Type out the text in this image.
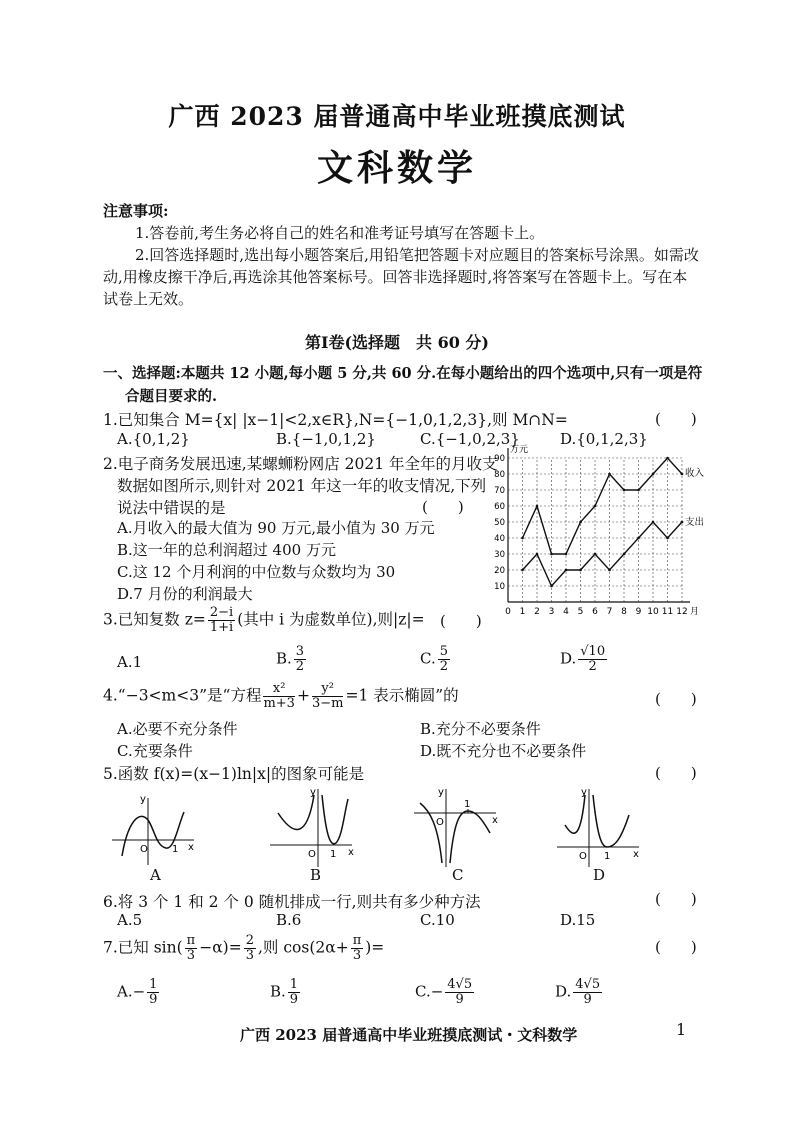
广西 2023 届普通高中毕业班摸底测试
文科数学
注意事项:
1.答卷前,考生务必将自己的姓名和准考证号填写在答题卡上。
2.回答选择题时,选出每小题答案后,用铅笔把答题卡对应题目的答案标号涂黑。如需改
动,用橡皮擦干净后,再选涂其他答案标号。回答非选择题时,将答案写在答题卡上。写在本
试卷上无效。
第Ⅰ卷(选择题　共 60 分)
一、选择题:本题共 12 小题,每小题 5 分,共 60 分.在每小题给出的四个选项中,只有一项是符
合题目要求的.
1.已知集合 M={x| |x−1|<2,x∈R},N={−1,0,1,2,3},则 M∩N=	(　　)
A.{0,1,2}	B.{−1,0,1,2}	C.{−1,0,2,3}	D.{0,1,2,3}
2.电子商务发展迅速,某螺蛳粉网店 2021 年全年的月收支
数据如图所示,则针对 2021 年这一年的收支情况,下列
说法中错误的是	(　　)
A.月收入的最大值为 90 万元,最小值为 30 万元
B.这一年的总利润超过 400 万元
C.这 12 个月利润的中位数与众数均为 30
D.7 月份的利润最大	10
20
30
40
50
60
70
80
90
0 1 2 3 4 5 6 7 8 9 10 11 12
万元
月
收入
支出
3.已知复数 $z= \frac{2-i}{1+i}$ (其中 i 为虚数单位),则|z|= (　　)
A.1	B. $\frac{3}{2}$	C. $\frac{5}{2}$	D. $\frac{√10}{2}$
4.“−3<m<3”是“方程 $\frac{\text{x²}}{m+3} + \frac{\text{y²}}{3-m} =1$ 表示椭圆”的	(　　)
A.必要不充分条件	B.充分不必要条件
C.充要条件	D.既不充分也不必要条件
5.函数 f(x)=(x−1)ln|x|的图象可能是	(　　)
y
x
O 1
A
y
x
O 1
B
y
x
O
1
C
y
x
O 1
D
6.将 3 个 1 和 2 个 0 随机排成一行,则共有多少种方法	(　　)
A.5	B.6	C.10	D.15
7.已知 $\sin( \frac{\pi}{3} -\alpha)= \frac{2}{3}$ ,则 $\cos(2\alpha+ \frac{\pi}{3}$ )=	(　　)
$A.- \frac{1}{9}$	B. $\frac{1}{9}$	$C.- \frac{4√5}{9}$	D. $\frac{4√5}{9}$
广西 2023 届普通高中毕业班摸底测试・文科数学	1
